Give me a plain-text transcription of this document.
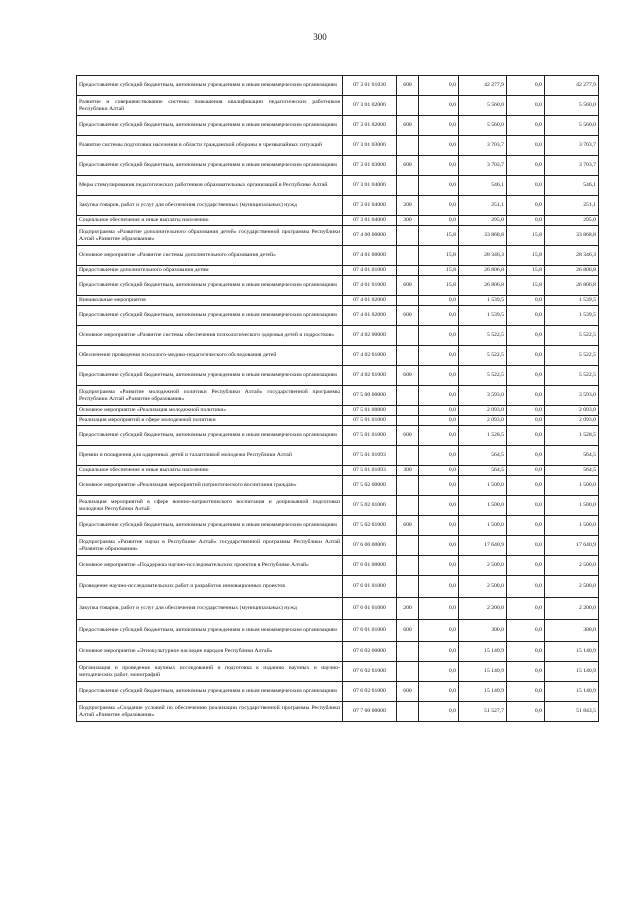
300
Предоставление субсидий бюджетным, автономным учреждениям и иным некоммерческим организациям	07 3 01 01030	600	0,0	42 277,9	0,0	42 277,9
Развитие и совершенствование системы повышения квалификации педагогических работников Республики Алтай	07 3 01 02000		0,0	5 560,0	0,0	5 560,0
Предоставление субсидий бюджетным, автономным учреждениям и иным некоммерческим организациям	07 3 01 02000	600	0,0	5 560,0	0,0	5 560,0
Развитие системы подготовки населения в области гражданской обороны и чрезвычайных ситуаций	07 3 01 03000		0,0	3 703,7	0,0	3 703,7
Предоставление субсидий бюджетным, автономным учреждениям и иным некоммерческим организациям	07 3 01 03000	600	0,0	3 703,7	0,0	3 703,7
Меры стимулирования педагогических работников образовательных организаций в Республике Алтай	07 3 01 04000		0,0	546,1	0,0	546,1
Закупка товаров, работ и услуг для обеспечения государственных (муниципальных) нужд	07 3 01 04000	200	0,0	251,1	0,0	251,1
Социальное обеспечение и иные выплаты населению	07 3 01 04000	300	0,0	295,0	0,0	295,0
Подпрограмма «Развитие дополнительного образования детей» государственной программы Республики Алтай «Развитие образования»	07 4 00 00000		15,8	33 868,8	15,8	33 868,8
Основное мероприятие «Развитие системы дополнительного образования детей»	07 4 01 00000		15,8	28 346,3	15,8	28 346,3
Предоставление дополнительного образования детям	07 4 01 01000		15,8	26 806,8	15,8	26 806,8
Предоставление субсидий бюджетным, автономным учреждениям и иным некоммерческим организациям	07 4 01 01000	600	15,8	26 806,8	15,8	26 806,8
Внешкольные мероприятия	07 4 01 02000		0,0	1 539,5	0,0	1 539,5
Предоставление субсидий бюджетным, автономным учреждениям и иным некоммерческим организациям	07 4 01 02000	600	0,0	1 539,5	0,0	1 539,5
Основное мероприятие «Развитие системы обеспечения психологического здоровья детей и подростков»	07 4 02 00000		0,0	5 522,5	0,0	5 522,5
Обеспечение проведения психолого-медико-педагогического обследования детей	07 4 02 01000		0,0	5 522,5	0,0	5 522,5
Предоставление субсидий бюджетным, автономным учреждениям и иным некоммерческим организациям	07 4 02 01000	600	0,0	5 522,5	0,0	5 522,5
Подпрограмма «Развитие молодежной политики Республики Алтай» государственной программы Республики Алтай «Развитие образования»	07 5 00 00000		0,0	3 593,0	0,0	3 593,0
Основное мероприятие «Реализация молодежной политики»	07 5 01 00000		0,0	2 093,0	0,0	2 093,0
Реализация мероприятий в сфере молодежной политики	07 5 01 01000		0,0	2 093,0	0,0	2 093,0
Предоставление субсидий бюджетным, автономным учреждениям и иным некоммерческим организациям	07 5 01 01000	600	0,0	1 528,5	0,0	1 528,5
Премии и поощрения для одаренных детей и талантливой молодежи Республики Алтай	07 5 01 01093		0,0	564,5	0,0	564,5
Социальное обеспечение и иные выплаты населению	07 5 01 01093	300	0,0	564,5	0,0	564,5
Основное мероприятие «Реализация мероприятий патриотического воспитания граждан»	07 5 02 00000		0,0	1 500,0	0,0	1 500,0
Реализация мероприятий в сфере военно-патриотического воспитания и допризывной подготовки молодежи Республики Алтай	07 5 02 01000		0,0	1 500,0	0,0	1 500,0
Предоставление субсидий бюджетным, автономным учреждениям и иным некоммерческим организациям	07 5 02 01000	600	0,0	1 500,0	0,0	1 500,0
Подпрограмма «Развитие науки в Республике Алтай» государственной программы Республики Алтай «Развитие образования»	07 6 00 00000		0,0	17 640,9	0,0	17 640,9
Основное мероприятие «Поддержка научно-исследовательских проектов в Республике Алтай»	07 6 01 00000		0,0	2 500,0	0,0	2 500,0
Проведение научно-исследовательских работ и разработок инновационных проектов	07 6 01 01000		0,0	2 500,0	0,0	2 500,0
Закупка товаров, работ и услуг для обеспечения государственных (муниципальных) нужд	07 6 01 01000	200	0,0	2 200,0	0,0	2 200,0
Предоставление субсидий бюджетным, автономным учреждениям и иным некоммерческим организациям	07 6 01 01000	600	0,0	300,0	0,0	300,0
Основное мероприятие «Этнокультурное наследие народов Республики Алтай»	07 6 02 00000		0,0	15 140,9	0,0	15 140,9
Организация и проведение научных исследований и подготовка к изданию научных и научно-методических работ, монографий	07 6 02 01000		0,0	15 140,9	0,0	15 140,9
Предоставление субсидий бюджетным, автономным учреждениям и иным некоммерческим организациям	07 6 02 01000	600	0,0	15 140,9	0,0	15 140,9
Подпрограмма «Создание условий по обеспечению реализации государственной программы Республики Алтай «Развитие образования»	07 7 00 00000		0,0	51 527,7	0,0	51 843,5
